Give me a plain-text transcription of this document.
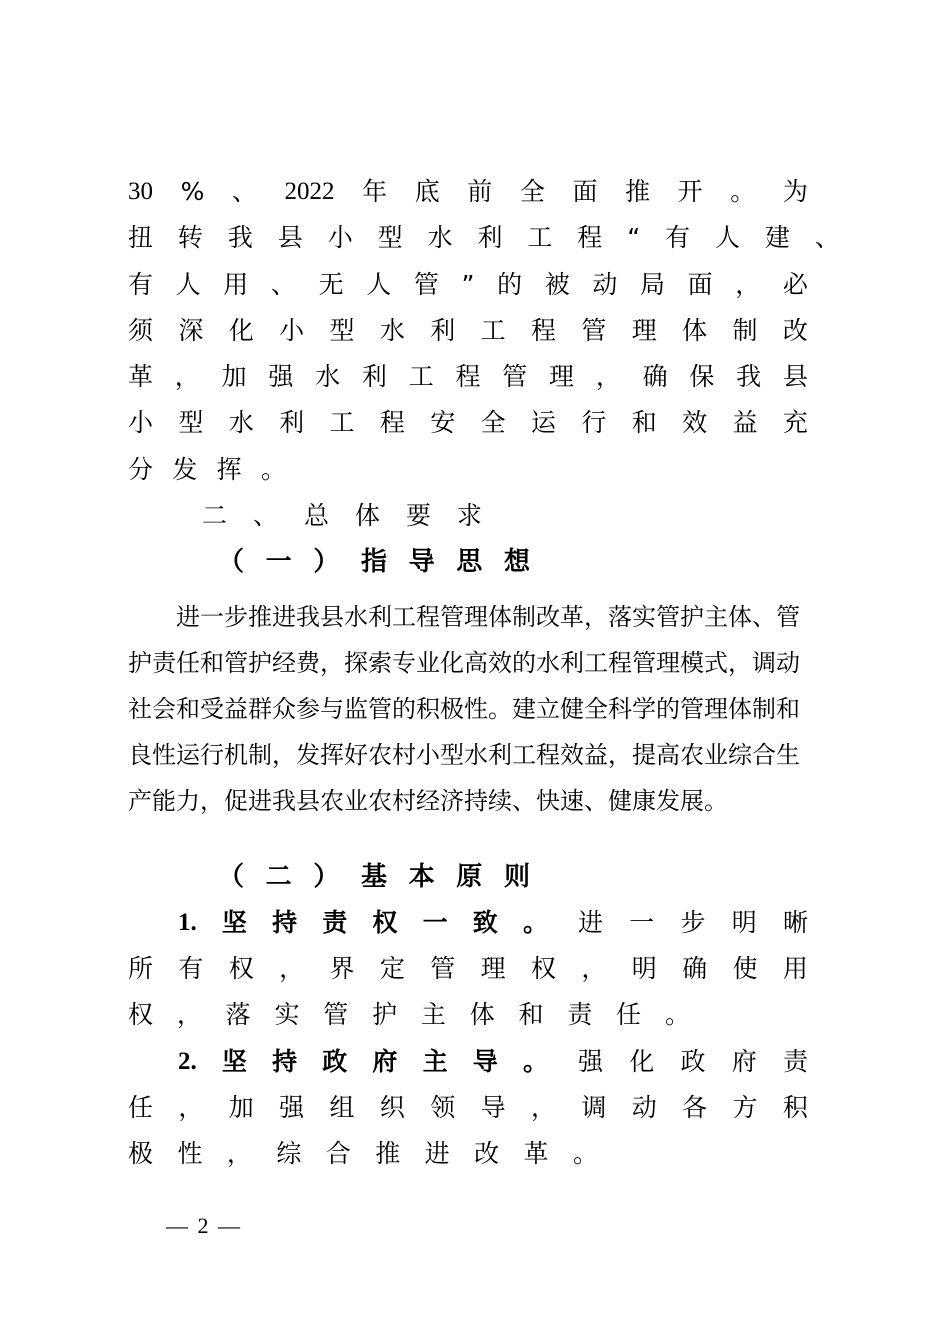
30 % 、 2022 年 底 前 全 面 推 开 。 为
扭 转 我 县 小 型 水 利 工 程 “ 有 人 建 、
有 人 用 、 无 人 管 ” 的 被 动 局 面 ， 必
须 深 化 小 型 水 利 工 程 管 理 体 制 改
革 ， 加 强 水 利 工 程 管 理 ， 确 保 我 县
小 型 水 利 工 程 安 全 运 行 和 效 益 充
分 发 挥 。
二 、 总 体 要 求
（ 一 ） 指 导 思 想

进一步推进我县水利工程管理体制改革，落实管护主体、管护责任和管护经费，探索专业化高效的水利工程管理模式，调动社会和受益群众参与监管的积极性。建立健全科学的管理体制和良性运行机制，发挥好农村小型水利工程效益，提高农业综合生产能力，促进我县农业农村经济持续、快速、健康发展。

（ 二 ） 基 本 原 则
1. 坚 持 责 权 一 致 。 进 一 步 明 晰
所 有 权 ， 界 定 管 理 权 ， 明 确 使 用
权 ， 落 实 管 护 主 体 和 责 任 。
2. 坚 持 政 府 主 导 。 强 化 政 府 责
任 ， 加 强 组 织 领 导 ， 调 动 各 方 积
极 性 ， 综 合 推 进 改 革 。
— 2 —
